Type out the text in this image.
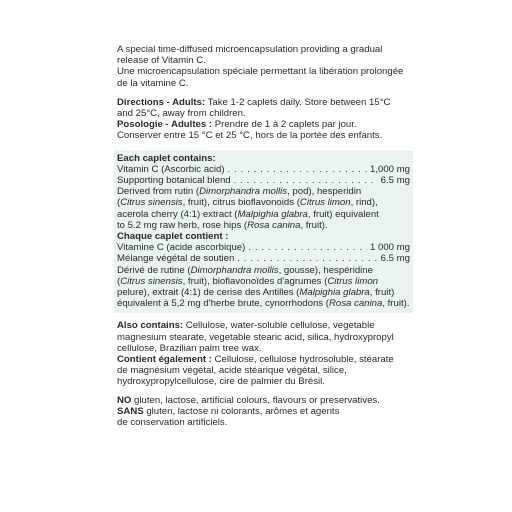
A special time-diffused microencapsulation providing a gradual

release of Vitamin C.

Une microencapsulation spéciale permettant la libération prolongée

de la vitamine C.

Directions - Adults: Take 1-2 caplets daily. Store between 15°C

and 25°C, away from children.

Posologie - Adultes : Prendre de 1 à 2 caplets par jour.

Conserver entre 15 °C et 25 °C, hors de la portée des enfants.

Each caplet contains:

Vitamin C (Ascorbic acid) . . .	1,000 mg
Supporting botanical blend . . .	6.5 mg

Derived from rutin (Dimorphandra mollis, pod), hesperidin

(Citrus sinensis, fruit), citrus bioflavonoids (Citrus limon, rind),

acerola cherry (4:1) extract (Malpighia glabra, fruit) equivalent

to 5.2 mg raw herb, rose hips (Rosa canina, fruit).

Chaque caplet contient :

Vitamine C (acide ascorbique) . . .	1 000 mg
Mélange végétal de soutien . . .	6.5 mg

Dérivé de rutine (Dimorphandra mollis, gousse), hespéridine

(Citrus sinensis, fruit), bioflavonoïdes d'agrumes (Citrus limon

pelure), extrait (4:1) de cerise des Antilles (Malpighia glabra, fruit)

équivalent à 5,2 mg d'herbe brute, cynorrhodons (Rosa canina, fruit).

Also contains: Cellulose, water-soluble cellulose, vegetable

magnesium stearate, vegetable stearic acid, silica, hydroxypropyl

cellulose, Brazilian palm tree wax.

Contient également : Cellulose, cellulose hydrosoluble, stéarate

de magnésium végétal, acide stéarique végétal, silice,

hydroxypropylcellulose, cire de palmier du Brésil.

NO gluten, lactose, artificial colours, flavours or preservatives.

SANS gluten, lactose ni colorants, arômes et agents

de conservation artificiels.
